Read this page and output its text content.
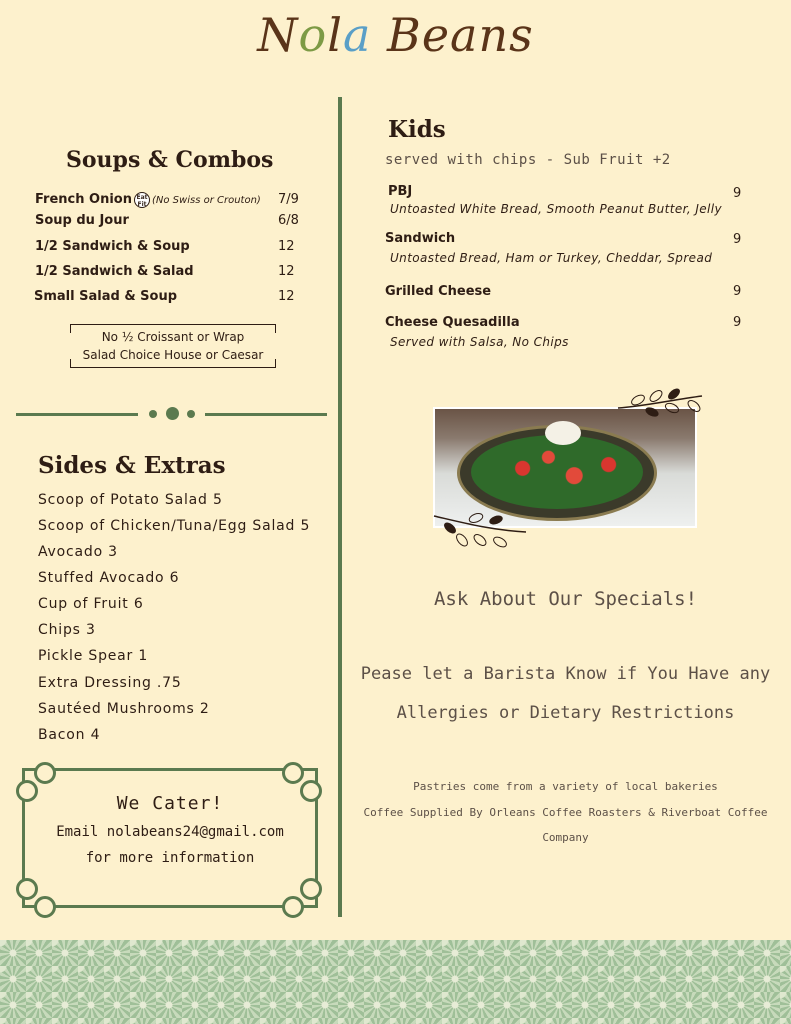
Nola Beans
Soups & Combos
French Onion Eat Fit (No Swiss or Crouton) 7/9
Soup du Jour	6/8
1/2 Sandwich & Soup	12
1/2 Sandwich & Salad	12
Small Salad & Soup	12
No ½ Croissant or Wrap
Salad Choice House or Caesar
Sides & Extras
Scoop of Potato Salad 5
Scoop of Chicken/Tuna/Egg Salad 5
Avocado 3
Stuffed Avocado 6
Cup of Fruit 6
Chips 3
Pickle Spear 1
Extra Dressing .75
Sautéed Mushrooms 2
Bacon 4
We Cater!
Email nolabeans24@gmail.com
for more information
Kids
served with chips - Sub Fruit +2
PBJ	9
Untoasted White Bread, Smooth Peanut Butter, Jelly
Sandwich	9
Untoasted Bread, Ham or Turkey, Cheddar, Spread
Grilled Cheese	9
Cheese Quesadilla	9
Served with Salsa, No Chips
Ask About Our Specials!
Pease let a Barista Know if You Have any
Allergies or Dietary Restrictions
Pastries come from a variety of local bakeries
Coffee Supplied By Orleans Coffee Roasters & Riverboat Coffee
Company
